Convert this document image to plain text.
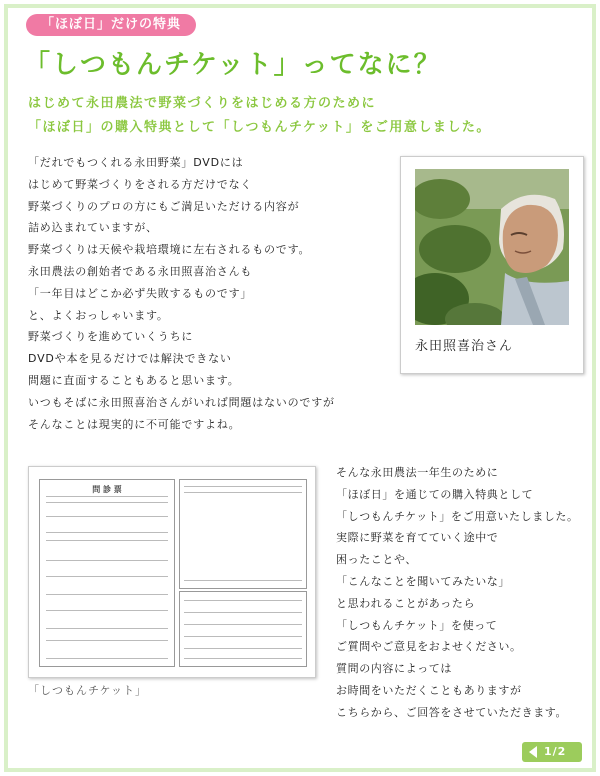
「ほぼ日」だけの特典
「しつもんチケット」ってなに？
はじめて永田農法で野菜づくりをはじめる方のために
「ほぼ日」の購入特典として「しつもんチケット」をご用意しました。
「だれでもつくれる永田野菜」DVDには
はじめて野菜づくりをされる方だけでなく
野菜づくりのプロの方にもご満足いただける内容が
詰め込まれていますが、
野菜づくりは天候や栽培環境に左右されるものです。
永田農法の創始者である永田照喜治さんも
「一年目はどこか必ず失敗するものです」
と、よくおっしゃいます。
野菜づくりを進めていくうちに
DVDや本を見るだけでは解決できない
問題に直面することもあると思います。
いつもそばに永田照喜治さんがいれば問題はないのですが
そんなことは現実的に不可能ですよね。
永田照喜治さん
問 診 票
「しつもんチケット」
そんな永田農法一年生のために
「ほぼ日」を通じての購入特典として
「しつもんチケット」をご用意いたしました。
実際に野菜を育てていく途中で
困ったことや、
「こんなことを聞いてみたいな」
と思われることがあったら
「しつもんチケット」を使って
ご質問やご意見をおよせください。
質問の内容によっては
お時間をいただくこともありますが
こちらから、ご回答をさせていただきます。
1/2
